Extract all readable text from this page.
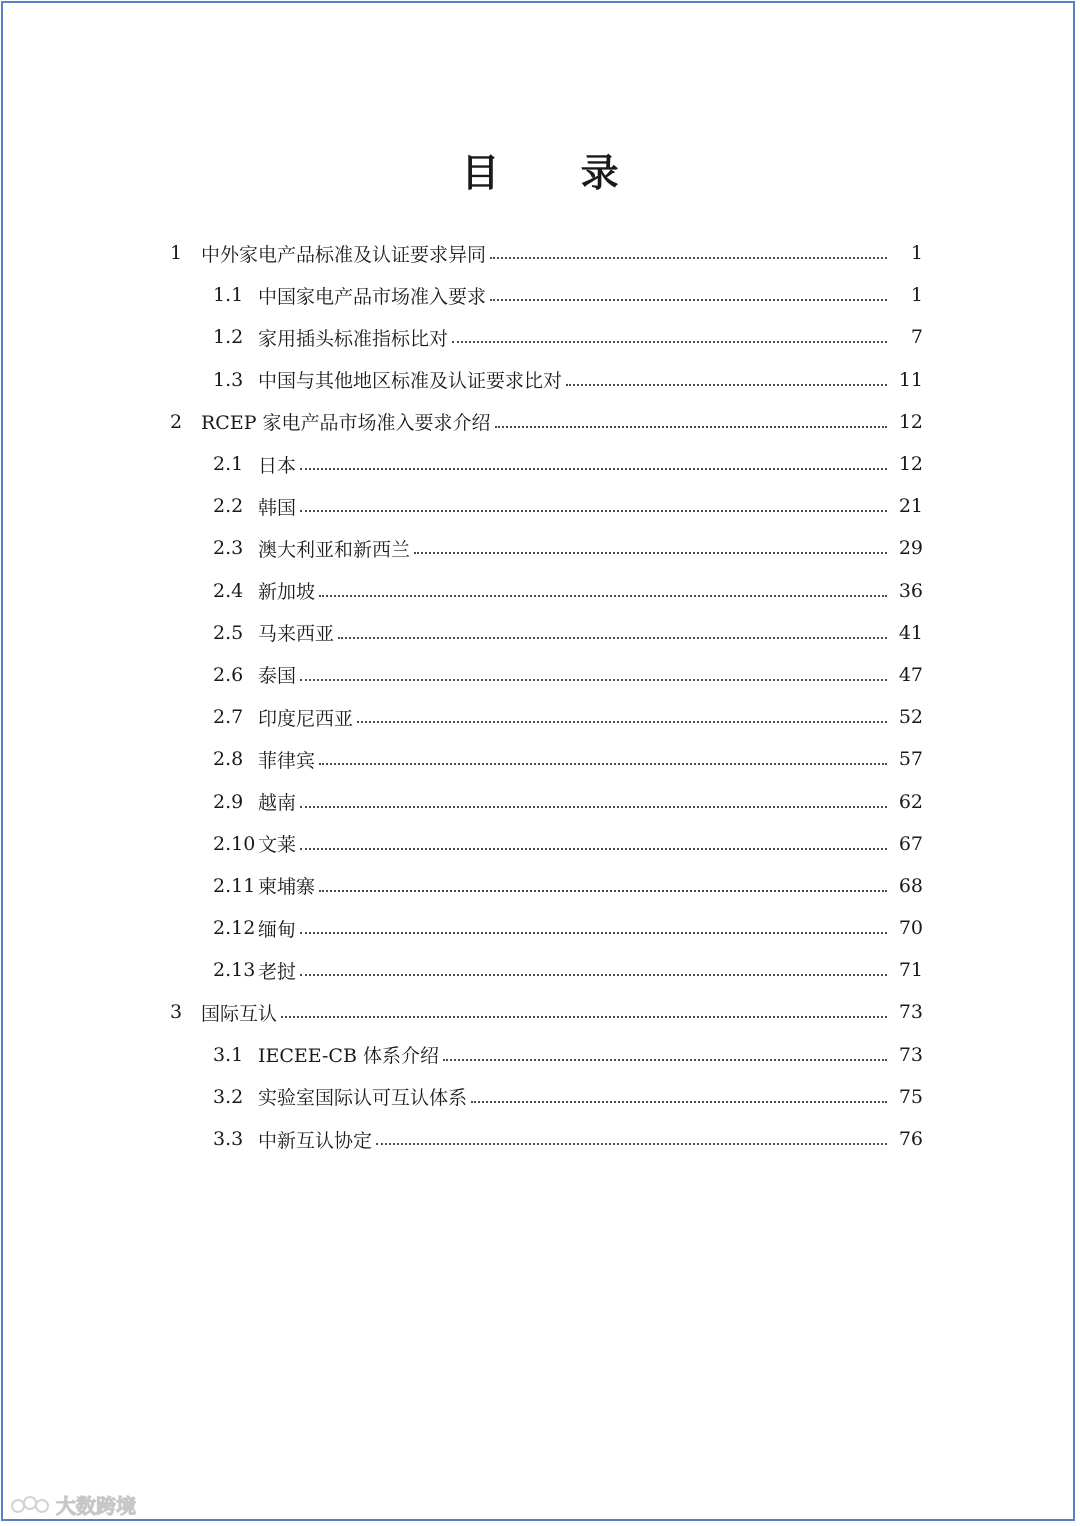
目 录
1 中外家电产品标准及认证要求异同	1
1.1 中国家电产品市场准入要求	1
1.2 家用插头标准指标比对	7
1.3 中国与其他地区标准及认证要求比对	11
2 RCEP 家电产品市场准入要求介绍	12
2.1 日本	12
2.2 韩国	21
2.3 澳大利亚和新西兰	29
2.4 新加坡	36
2.5 马来西亚	41
2.6 泰国	47
2.7 印度尼西亚	52
2.8 菲律宾	57
2.9 越南	62
2.10 文莱	67
2.11 柬埔寨	68
2.12 缅甸	70
2.13 老挝	71
3 国际互认	73
3.1 IECEE-CB 体系介绍	73
3.2 实验室国际认可互认体系	75
3.3 中新互认协定	76
大数跨境
